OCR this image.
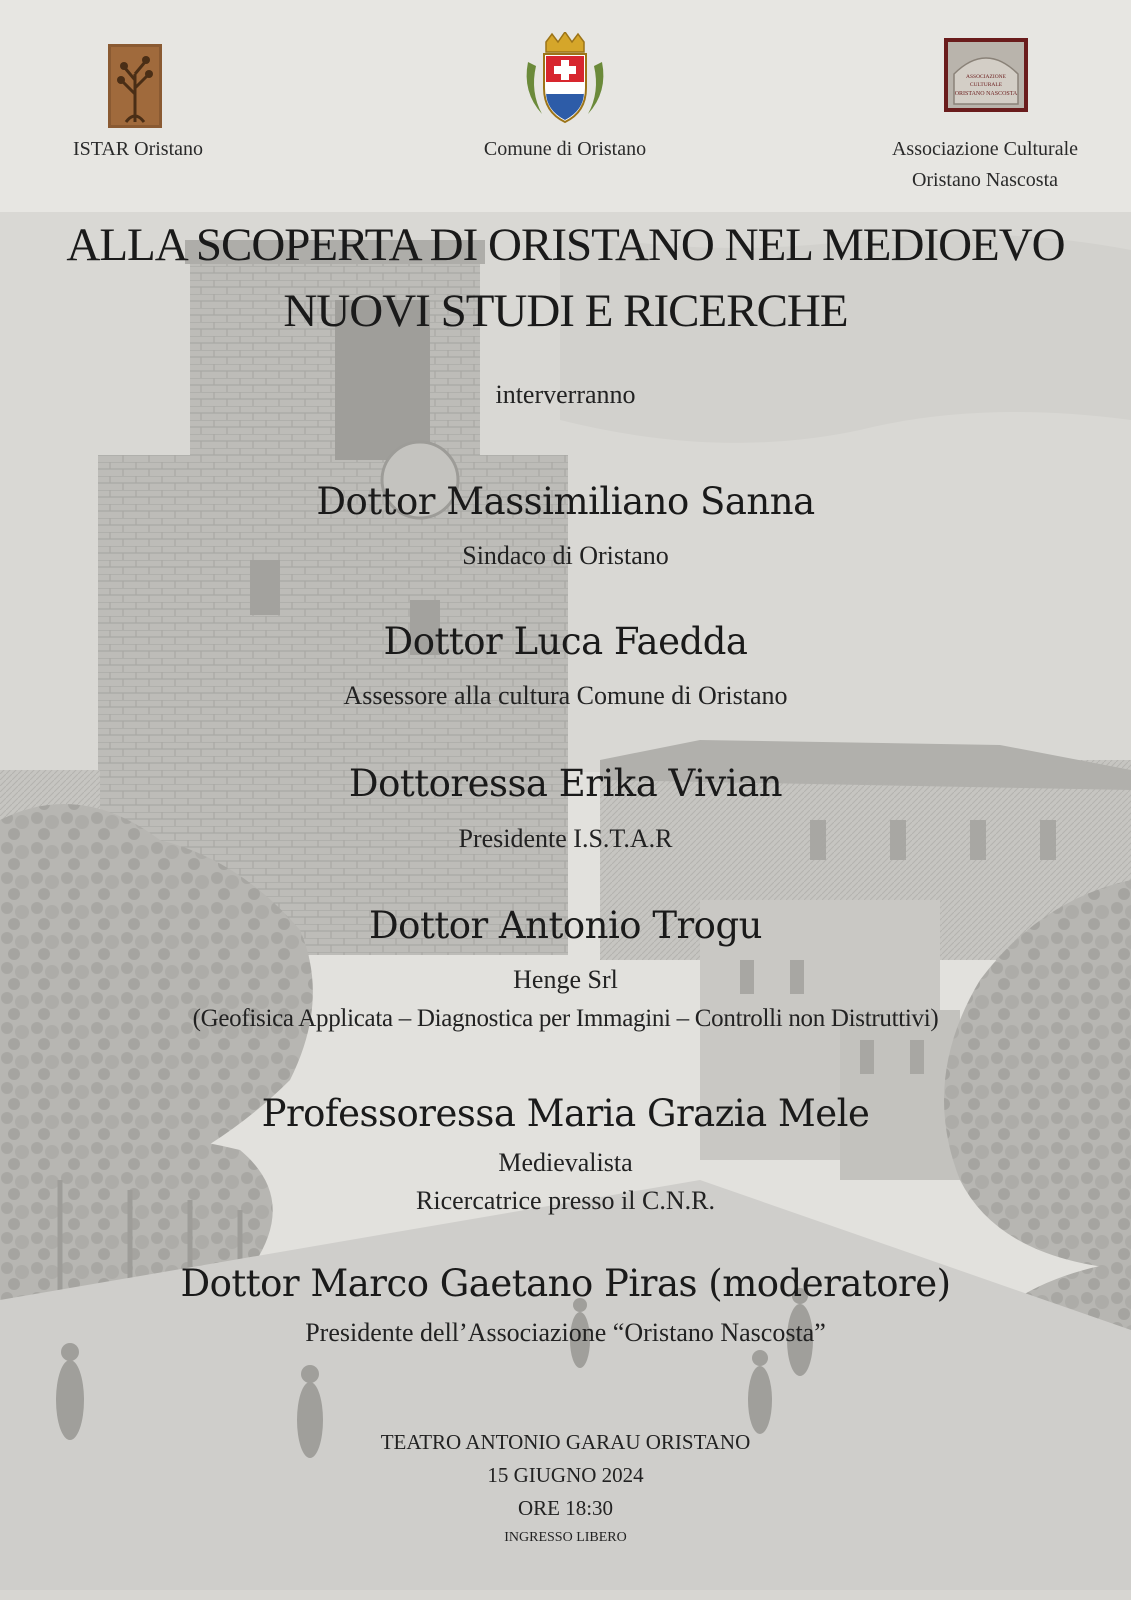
ISTAR Oristano	Comune di Oristano
ASSOCIAZIONE
CULTURALE
ORISTANO NASCOSTA
Associazione Culturale
Oristano Nascosta
ALLA SCOPERTA DI ORISTANO NEL MEDIOEVO
NUOVI STUDI E RICERCHE
interverranno
Dottor Massimiliano Sanna
Sindaco di Oristano
Dottor Luca Faedda
Assessore alla cultura Comune di Oristano
Dottoressa Erika Vivian
Presidente I.S.T.A.R
Dottor Antonio Trogu
Henge Srl
(Geofisica Applicata – Diagnostica per Immagini – Controlli non Distruttivi)
Professoressa Maria Grazia Mele
Medievalista
Ricercatrice presso il C.N.R.
Dottor Marco Gaetano Piras (moderatore)
Presidente dell’Associazione “Oristano Nascosta”
TEATRO ANTONIO GARAU ORISTANO
15 GIUGNO 2024
ORE 18:30
INGRESSO LIBERO
